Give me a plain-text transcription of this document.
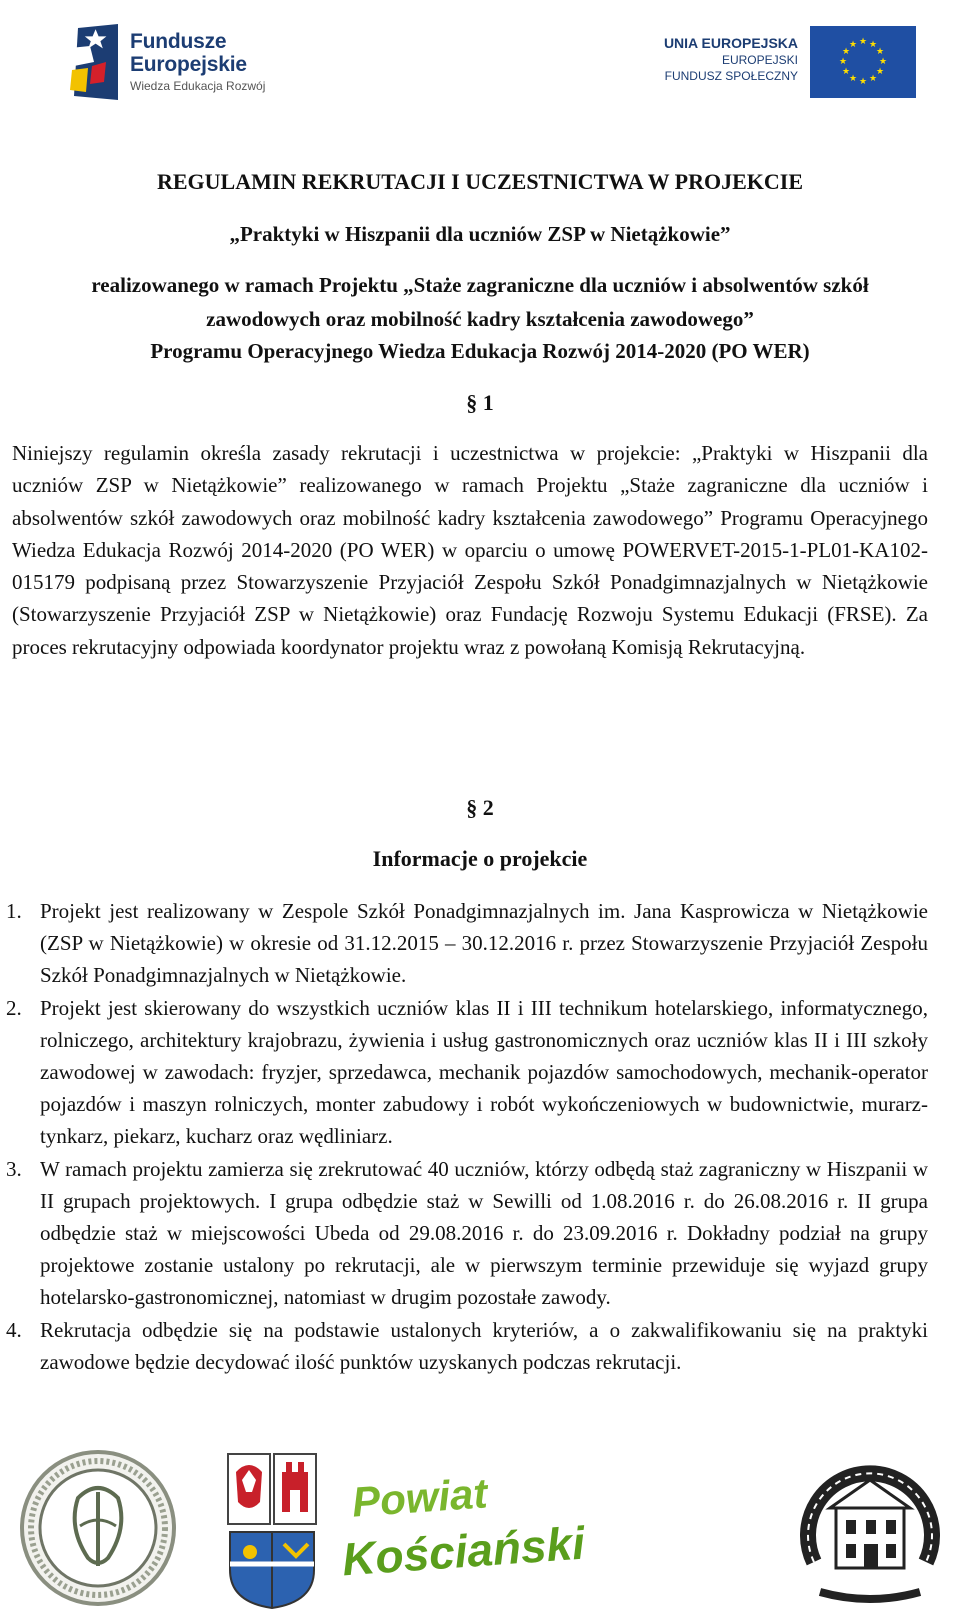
Fundusze
Europejskie
Wiedza Edukacja Rozwój
UNIA EUROPEJSKA
EUROPEJSKI
FUNDUSZ SPOŁECZNY
★ ★
★
★
★
★
★
★
★
★
★
★
REGULAMIN REKRUTACJI I UCZESTNICTWA W PROJEKCIE
„Praktyki w Hiszpanii dla uczniów ZSP w Nietążkowie”
realizowanego w ramach Projektu „Staże zagraniczne dla uczniów i absolwentów szkół
zawodowych oraz mobilność kadry kształcenia zawodowego”
Programu Operacyjnego Wiedza Edukacja Rozwój 2014-2020 (PO WER)
§ 1
Niniejszy regulamin określa zasady rekrutacji i uczestnictwa w projekcie: „Praktyki w Hiszpanii dla uczniów ZSP w Nietążkowie” realizowanego w ramach Projektu „Staże zagraniczne dla uczniów i absolwentów szkół zawodowych oraz mobilność kadry kształcenia zawodowego” Programu Operacyjnego Wiedza Edukacja Rozwój 2014-2020 (PO WER) w oparciu o umowę POWERVET-2015-1-PL01-KA102-015179 podpisaną przez Stowarzyszenie Przyjaciół Zespołu Szkół Ponadgimnazjalnych w Nietążkowie (Stowarzyszenie Przyjaciół ZSP w Nietążkowie) oraz Fundację Rozwoju Systemu Edukacji (FRSE). Za proces rekrutacyjny odpowiada koordynator projektu wraz z powołaną Komisją Rekrutacyjną.
§ 2
Informacje o projekcie
1. Projekt jest realizowany w Zespole Szkół Ponadgimnazjalnych im. Jana Kasprowicza w Nietążkowie (ZSP w Nietążkowie) w okresie od 31.12.2015 – 30.12.2016 r. przez Stowarzyszenie Przyjaciół Zespołu Szkół Ponadgimnazjalnych w Nietążkowie.
2. Projekt jest skierowany do wszystkich uczniów klas II i III technikum hotelarskiego, informatycznego, rolniczego, architektury krajobrazu, żywienia i usług gastronomicznych oraz uczniów klas II i III szkoły zawodowej w zawodach: fryzjer, sprzedawca, mechanik pojazdów samochodowych, mechanik-operator pojazdów i maszyn rolniczych, monter zabudowy i robót wykończeniowych w budownictwie, murarz-tynkarz, piekarz, kucharz oraz wędliniarz.
3. W ramach projektu zamierza się zrekrutować 40 uczniów, którzy odbędą staż zagraniczny w Hiszpanii w II grupach projektowych. I grupa odbędzie staż w Sewilli od 1.08.2016 r. do 26.08.2016 r. II grupa odbędzie staż w miejscowości Ubeda od 29.08.2016 r. do 23.09.2016 r. Dokładny podział na grupy projektowe zostanie ustalony po rekrutacji, ale w pierwszym terminie przewiduje się wyjazd grupy hotelarsko-gastronomicznej, natomiast w drugim pozostałe zawody.
4. Rekrutacja odbędzie się na podstawie ustalonych kryteriów, a o zakwalifikowaniu się na praktyki zawodowe będzie decydować ilość punktów uzyskanych podczas rekrutacji.
Powiat
Kościański
